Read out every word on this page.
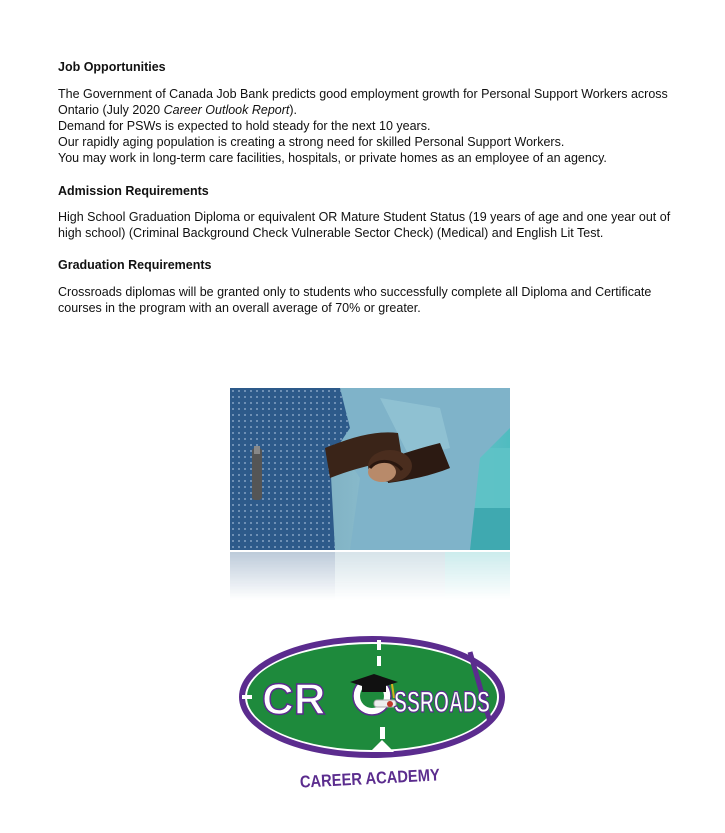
Job Opportunities
The Government of Canada Job Bank predicts good employment growth for Personal Support Workers across
Ontario (July 2020 Career Outlook Report).
Demand for PSWs is expected to hold steady for the next 10 years.
Our rapidly aging population is creating a strong need for skilled Personal Support Workers.
You may work in long-term care facilities, hospitals, or private homes as an employee of an agency.
Admission Requirements
High School Graduation Diploma or equivalent OR Mature Student Status (19 years of age and one year out of
high school) (Criminal Background Check Vulnerable Sector Check) (Medical) and English Lit Test.
Graduation Requirements
Crossroads diplomas will be granted only to students who successfully complete all Diploma and Certificate
courses in the program with an overall average of 70% or greater.
CR SSROADS
CAREER ACADEMY
